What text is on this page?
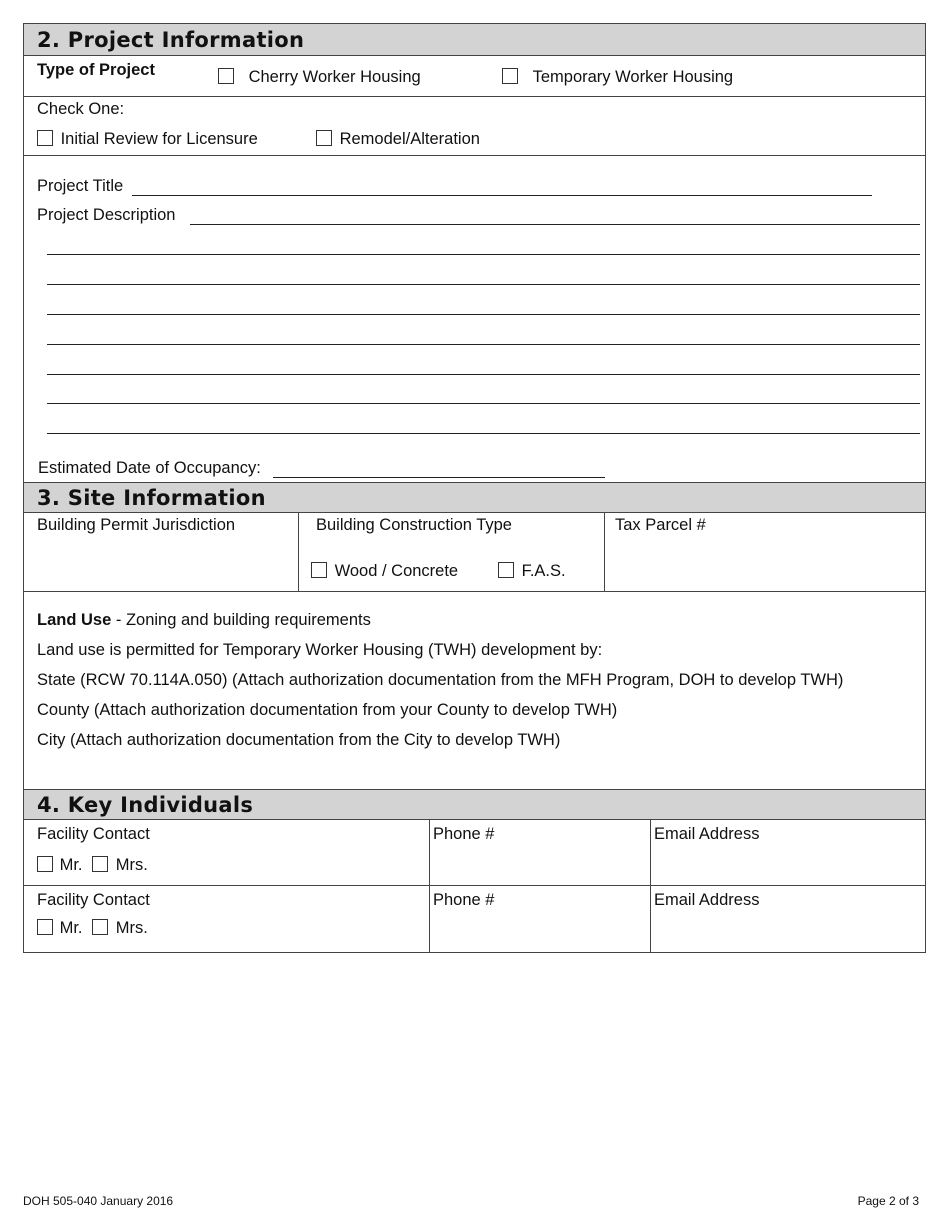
2. Project Information
Type of Project	Cherry Worker Housing	Temporary Worker Housing
Check One:
Initial Review for Licensure	Remodel/Alteration
Project Title
Project Description
Estimated Date of Occupancy:
3. Site Information
Building Permit Jurisdiction	Building Construction Type
Wood / Concrete	F.A.S.
Tax Parcel #
Land Use - Zoning and building requirements
Land use is permitted for Temporary Worker Housing (TWH) development by:
State (RCW 70.114A.050) (Attach authorization documentation from the MFH Program, DOH to develop TWH)
County (Attach authorization documentation from your County to develop TWH)
City (Attach authorization documentation from the City to develop TWH)
4. Key Individuals
Facility Contact
Mr. Mrs.
Phone #	Email Address
Facility Contact
Mr. Mrs.
Phone #	Email Address
DOH 505-040 January 2016	Page 2 of 3
